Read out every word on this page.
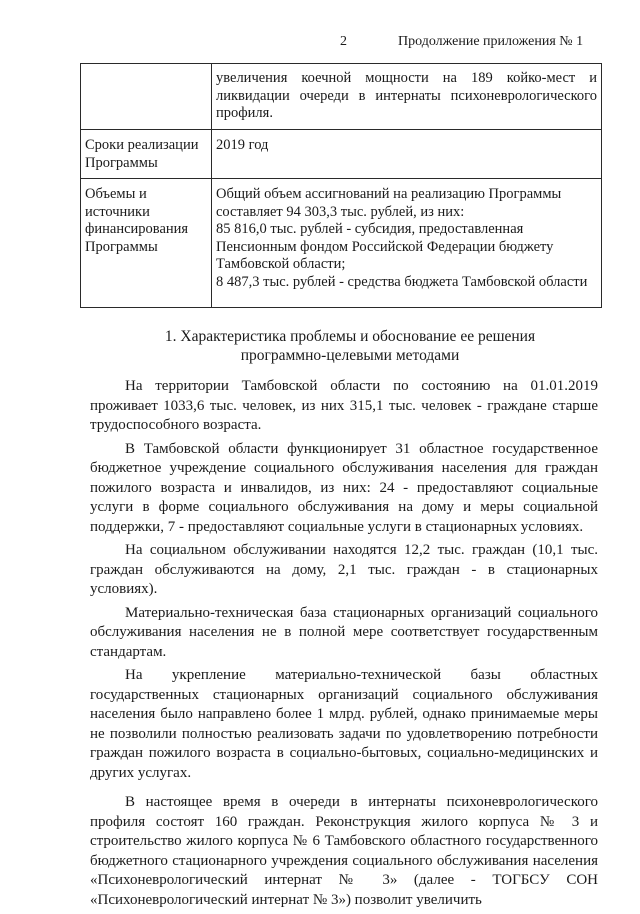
2	Продолжение приложения № 1
	увеличения коечной мощности на 189 койко-мест и ликвидации очереди в интернаты психоневрологического профиля.
Сроки реализации Программы	2019 год
Объемы и источники финансирования Программы	Общий объем ассигнований на реализацию Программы составляет 94 303,3 тыс. рублей, из них:
85 816,0 тыс. рублей - субсидия, предоставленная Пенсионным фондом Российской Федерации бюджету Тамбовской области;
8 487,3 тыс. рублей - средства бюджета Тамбовской области
1. Характеристика проблемы и обоснование ее решения
программно-целевыми методами

На территории Тамбовской области по состоянию на 01.01.2019 проживает 1033,6 тыс. человек, из них 315,1 тыс. человек - граждане старше трудоспособного возраста.

В Тамбовской области функционирует 31 областное государственное бюджетное учреждение социального обслуживания населения для граждан пожилого возраста и инвалидов, из них: 24 - предоставляют социальные услуги в форме социального обслуживания на дому и меры социальной поддержки, 7 - предоставляют социальные услуги в стационарных условиях.

На социальном обслуживании находятся 12,2 тыс. граждан (10,1 тыс. граждан обслуживаются на дому, 2,1 тыс. граждан - в стационарных условиях).

Материально-техническая база стационарных организаций социального обслуживания населения не в полной мере соответствует государственным стандартам.

На укрепление материально-технической базы областных государственных стационарных организаций социального обслуживания населения было направлено более 1 млрд. рублей, однако принимаемые меры не позволили полностью реализовать задачи по удовлетворению потребности граждан пожилого возраста в социально-бытовых, социально-медицинских и других услугах.

В настоящее время в очереди в интернаты психоневрологического профиля состоят 160 граждан. Реконструкция жилого корпуса № 3 и строительство жилого корпуса № 6 Тамбовского областного государственного бюджетного стационарного учреждения социального обслуживания населения «Психоневрологический интернат № 3» (далее - ТОГБСУ СОН «Психоневрологический интернат № 3») позволит увеличить
